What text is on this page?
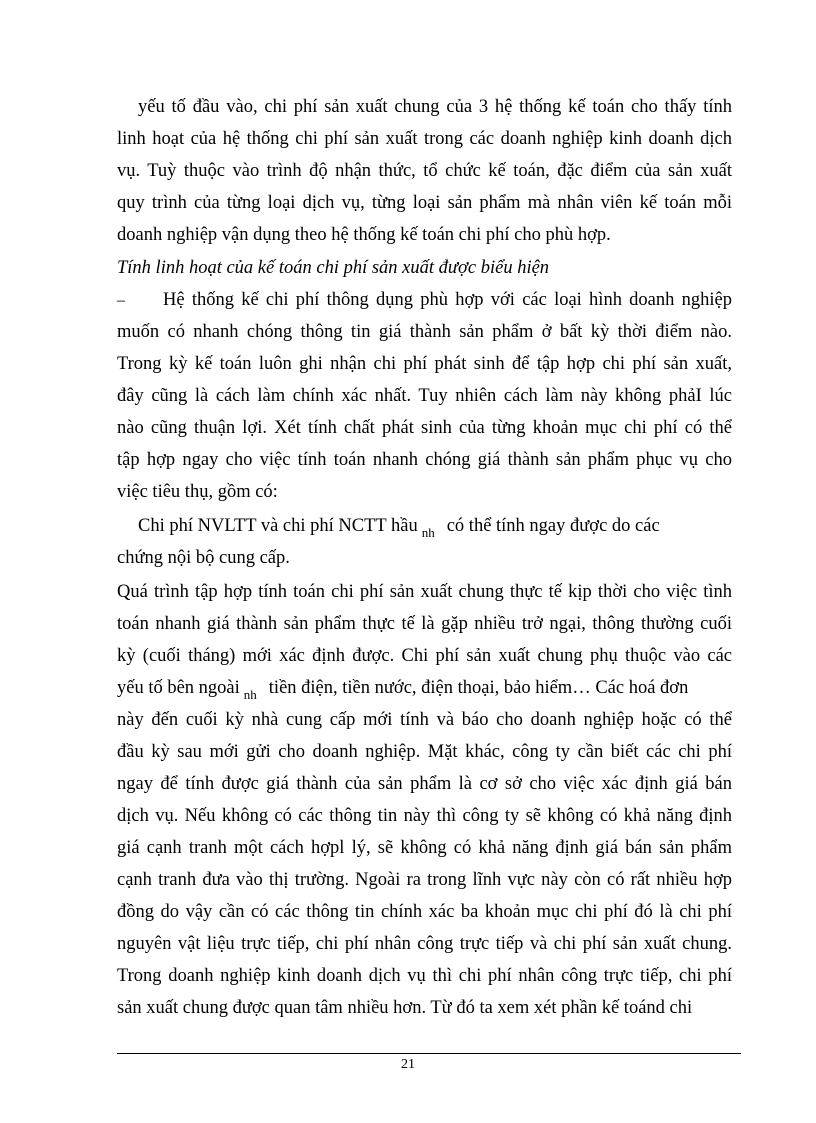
yếu tố đầu vào, chi phí sản xuất chung của 3 hệ thống kế toán cho thấy tính
linh hoạt của hệ thống chi phí sản xuất trong các doanh nghiệp kinh doanh dịch
vụ. Tuỳ thuộc vào trình độ nhận thức, tổ chức kế toán, đặc điểm của sản xuất
quy trình của từng loại dịch vụ, từng loại sản phẩm mà nhân viên kế toán mỗi
doanh nghiệp vận dụng theo hệ thống kế toán chi phí cho phù hợp.
Tính linh hoạt của kế toán chi phí sản xuất được biểu hiện
– Hệ thống kế chi phí thông dụng phù hợp với các loại hình doanh nghiệp
muốn có nhanh chóng thông tin giá thành sản phẩm ở bất kỳ thời điểm nào.
Trong kỳ kế toán luôn ghi nhận chi phí phát sinh để tập hợp chi phí sản xuất,
đây cũng là cách làm chính xác nhất. Tuy nhiên cách làm này không phảI lúc
nào cũng thuận lợi. Xét tính chất phát sinh của từng khoản mục chi phí có thể
tập hợp ngay cho việc tính toán nhanh chóng giá thành sản phẩm phục vụ cho
việc tiêu thụ, gồm có:
Chi phí NVLTT và chi phí NCTT hầu $_{nh}$ có thể tính ngay được do các
chứng nội bộ cung cấp.
Quá trình tập hợp tính toán chi phí sản xuất chung thực tế kịp thời cho việc tình
toán nhanh giá thành sản phẩm thực tế là gặp nhiều trở ngại, thông thường cuối
kỳ (cuối tháng) mới xác định được. Chi phí sản xuất chung phụ thuộc vào các
yếu tố bên ngoài $_{nh}$ tiền điện, tiền nước, điện thoại, bảo hiểm… Các hoá đơn
này đến cuối kỳ nhà cung cấp mới tính và báo cho doanh nghiệp hoặc có thể
đầu kỳ sau mới gửi cho doanh nghiệp. Mặt khác, công ty cần biết các chi phí
ngay để tính được giá thành của sản phẩm là cơ sở cho việc xác định giá bán
dịch vụ. Nếu không có các thông tin này thì công ty sẽ không có khả năng định
giá cạnh tranh một cách hợpl lý, sẽ không có khả năng định giá bán sản phẩm
cạnh tranh đưa vào thị trường. Ngoài ra trong lĩnh vực này còn có rất nhiều hợp
đồng do vậy cần có các thông tin chính xác ba khoản mục chi phí đó là chi phí
nguyên vật liệu trực tiếp, chi phí nhân công trực tiếp và chi phí sản xuất chung.
Trong doanh nghiệp kinh doanh dịch vụ thì chi phí nhân công trực tiếp, chi phí
sản xuất chung được quan tâm nhiều hơn. Từ đó ta xem xét phần kế toánd chi
21
